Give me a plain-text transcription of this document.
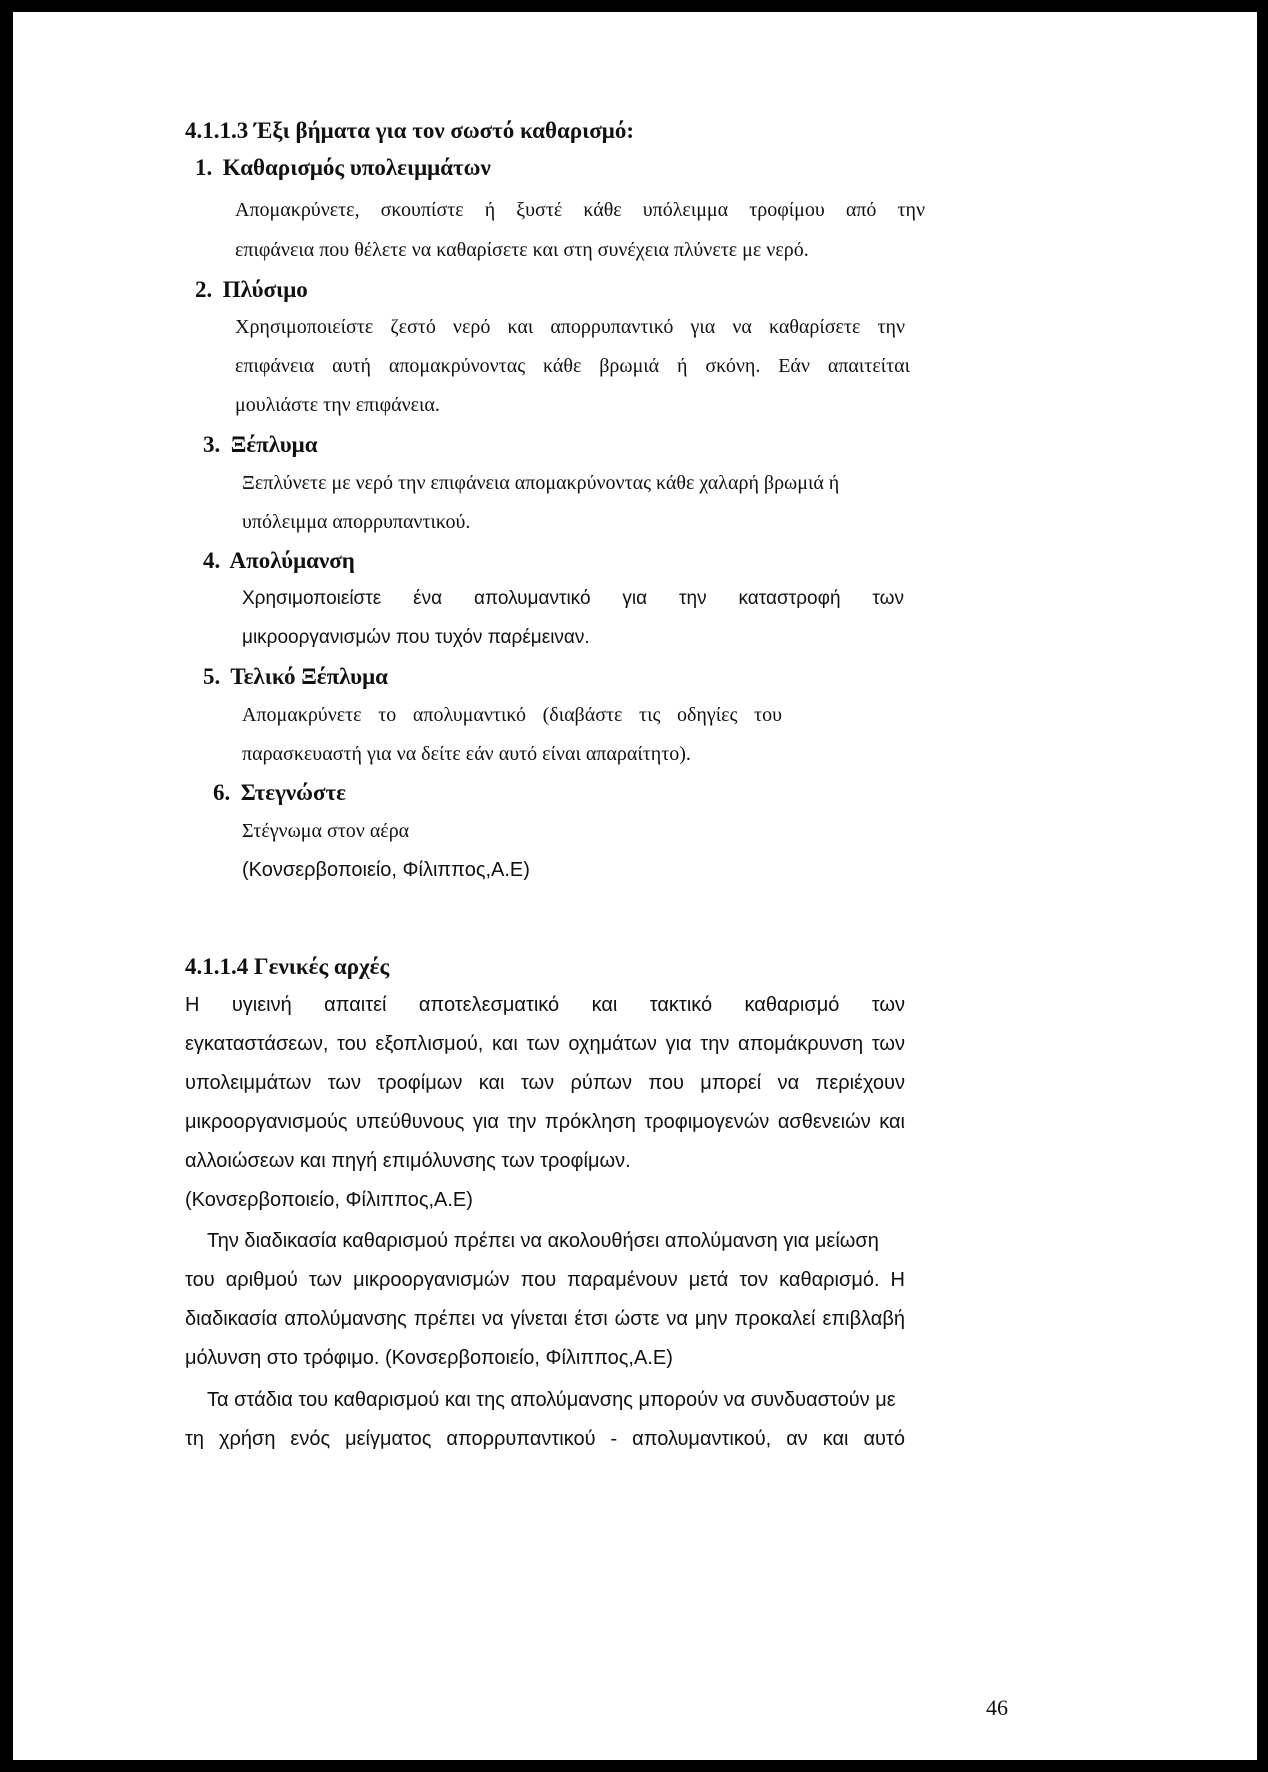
4.1.1.3 Έξι βήματα για τον σωστό καθαρισμό:
1. Καθαρισμός υπολειμμάτων
Απομακρύνετε, σκουπίστε ή ξυστέ κάθε υπόλειμμα τροφίμου από την
επιφάνεια που θέλετε να καθαρίσετε και στη συνέχεια πλύνετε με νερό.
2. Πλύσιμο
Χρησιμοποιείστε ζεστό νερό και απορρυπαντικό για να καθαρίσετε την
επιφάνεια αυτή απομακρύνοντας κάθε βρωμιά ή σκόνη. Εάν απαιτείται
μουλιάστε την επιφάνεια.
3. Ξέπλυμα
Ξεπλύνετε με νερό την επιφάνεια απομακρύνοντας κάθε χαλαρή βρωμιά ή
υπόλειμμα απορρυπαντικού.
4. Απολύμανση
Χρησιμοποιείστε ένα απολυμαντικό για την καταστροφή των
μικροοργανισμών που τυχόν παρέμειναν.
5. Τελικό Ξέπλυμα
Απομακρύνετε το απολυμαντικό (διαβάστε τις οδηγίες του
παρασκευαστή για να δείτε εάν αυτό είναι απαραίτητο).
6. Στεγνώστε
Στέγνωμα στον αέρα
(Κονσερβοποιείο, Φίλιππος,Α.Ε)
4.1.1.4 Γενικές αρχές
Η υγιεινή απαιτεί αποτελεσματικό και τακτικό καθαρισμό των
εγκαταστάσεων, του εξοπλισμού, και των οχημάτων για την απομάκρυνση των
υπολειμμάτων των τροφίμων και των ρύπων που μπορεί να περιέχουν
μικροοργανισμούς υπεύθυνους για την πρόκληση τροφιμογενών ασθενειών και
αλλοιώσεων και πηγή επιμόλυνσης των τροφίμων.
(Κονσερβοποιείο, Φίλιππος,Α.Ε)
Την διαδικασία καθαρισμού πρέπει να ακολουθήσει απολύμανση για μείωση
του αριθμού των μικροοργανισμών που παραμένουν μετά τον καθαρισμό. Η
διαδικασία απολύμανσης πρέπει να γίνεται έτσι ώστε να μην προκαλεί επιβλαβή
μόλυνση στο τρόφιμο. (Κονσερβοποιείο, Φίλιππος,Α.Ε)
Τα στάδια του καθαρισμού και της απολύμανσης μπορούν να συνδυαστούν με
τη χρήση ενός μείγματος απορρυπαντικού - απολυμαντικού, αν και αυτό
46
